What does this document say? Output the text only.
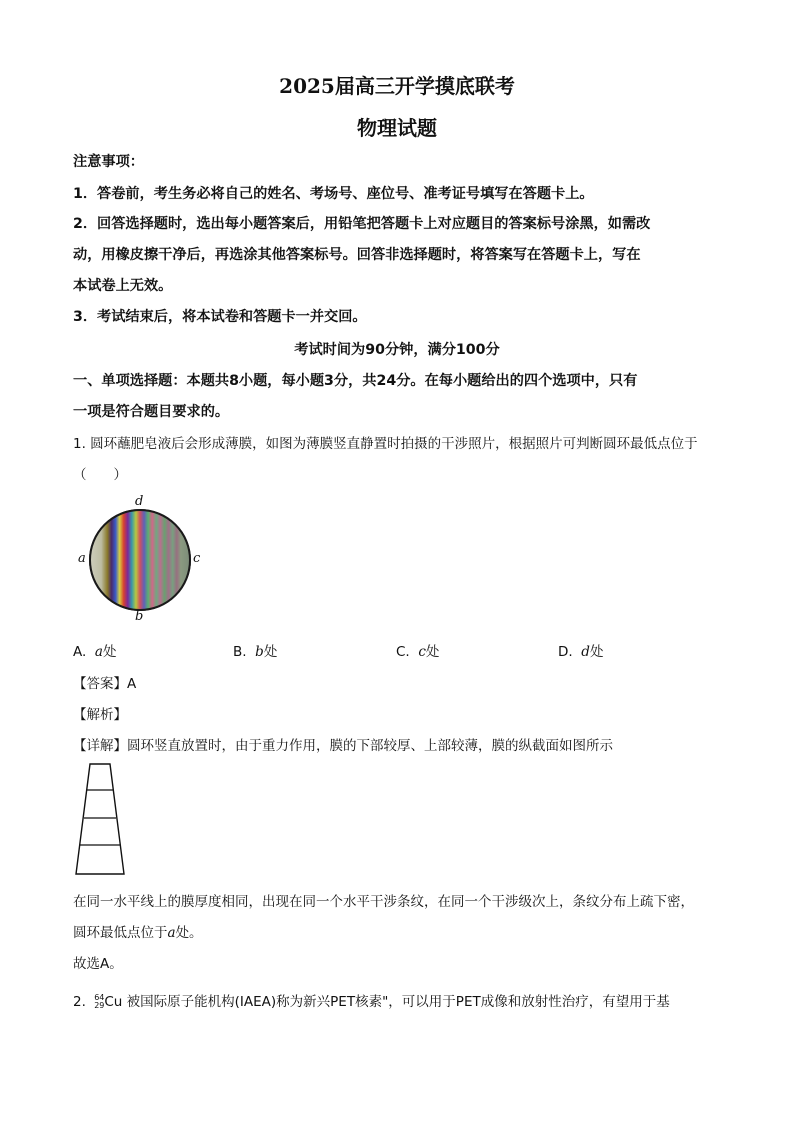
2025届高三开学摸底联考
物理试题
注意事项：
1．答卷前，考生务必将自己的姓名、考场号、座位号、准考证号填写在答题卡上。
2．回答选择题时，选出每小题答案后，用铅笔把答题卡上对应题目的答案标号涂黑，如需改
动，用橡皮擦干净后，再选涂其他答案标号。回答非选择题时，将答案写在答题卡上，写在
本试卷上无效。
3．考试结束后，将本试卷和答题卡一并交回。
考试时间为90分钟，满分100分
一、单项选择题：本题共8小题，每小题3分，共24分。在每小题给出的四个选项中，只有
一项是符合题目要求的。
1. 圆环蘸肥皂液后会形成薄膜，如图为薄膜竖直静置时拍摄的干涉照片，根据照片可判断圆环最低点位于
（　　）
d
a	c
b
A. a处	B. b处	C. c处	D. d处
【答案】A
【解析】
【详解】圆环竖直放置时，由于重力作用，膜的下部较厚、上部较薄，膜的纵截面如图所示
在同一水平线上的膜厚度相同，出现在同一个水平干涉条纹，在同一个干涉级次上，条纹分布上疏下密，
圆环最低点位于a处。
故选A。
2. 64
29 Cu 被国际原子能机构(IAEA)称为新兴PET核素"，可以用于PET成像和放射性治疗，有望用于基
